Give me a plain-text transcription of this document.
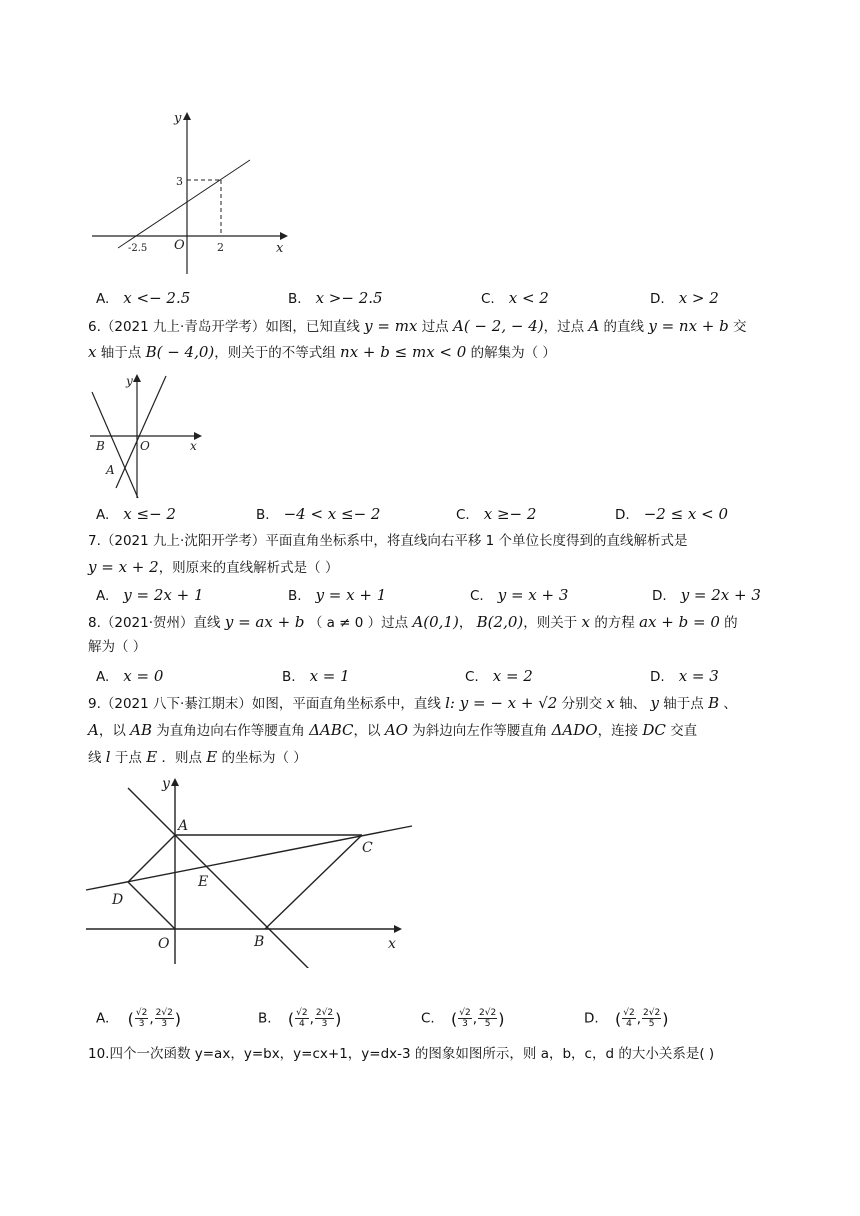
y
x
O
3
2
-2.5
A. x <− 2.5	B. x >− 2.5	C. x < 2	D. x > 2
6.（2021 九上·青岛开学考）如图，已知直线 y = mx 过点 A( − 2, − 4)，过点 A 的直线 y = nx + b 交
x 轴于点 B( − 4,0)，则关于的不等式组 nx + b ≤ mx < 0 的解集为（ ）
y
x
B	O
A
A. x ≤− 2	B. −4 < x ≤− 2	C. x ≥− 2	D. −2 ≤ x < 0
7.（2021 九上·沈阳开学考）平面直角坐标系中，将直线向右平移 1 个单位长度得到的直线解析式是
y = x + 2，则原来的直线解析式是（ ）
A. y = 2x + 1	B. y = x + 1	C. y = x + 3	D. y = 2x + 3
8.（2021·贺州）直线 y = ax + b （ a ≠ 0 ）过点 A(0,1)， B(2,0)，则关于 x 的方程 ax + b = 0 的
解为（ ）
A. x = 0	B. x = 1	C. x = 2	D. x = 3
9.（2021 八下·綦江期末）如图，平面直角坐标系中，直线 l: y = − x + √2 分别交 x 轴、 y 轴于点 B 、
A，以 AB 为直角边向右作等腰直角 ΔABC，以 AO 为斜边向左作等腰直角 ΔADO，连接 DC 交直
线 l 于点 E ．则点 E 的坐标为（ ）
y
x
A
C
E
D
O	B
A. ( $\frac{√2}{3}$ , $\frac{2√2}{3}$ )	B. ( $\frac{√2}{4}$ , $\frac{2√2}{3}$ )	C. ( $\frac{√2}{3}$ , $\frac{2√2}{5}$ )	D. ( $\frac{√2}{4}$ , $\frac{2√2}{5}$ )
10.四个一次函数 y=ax，y=bx，y=cx+1，y=dx-3 的图象如图所示，则 a，b，c，d 的大小关系是( )
